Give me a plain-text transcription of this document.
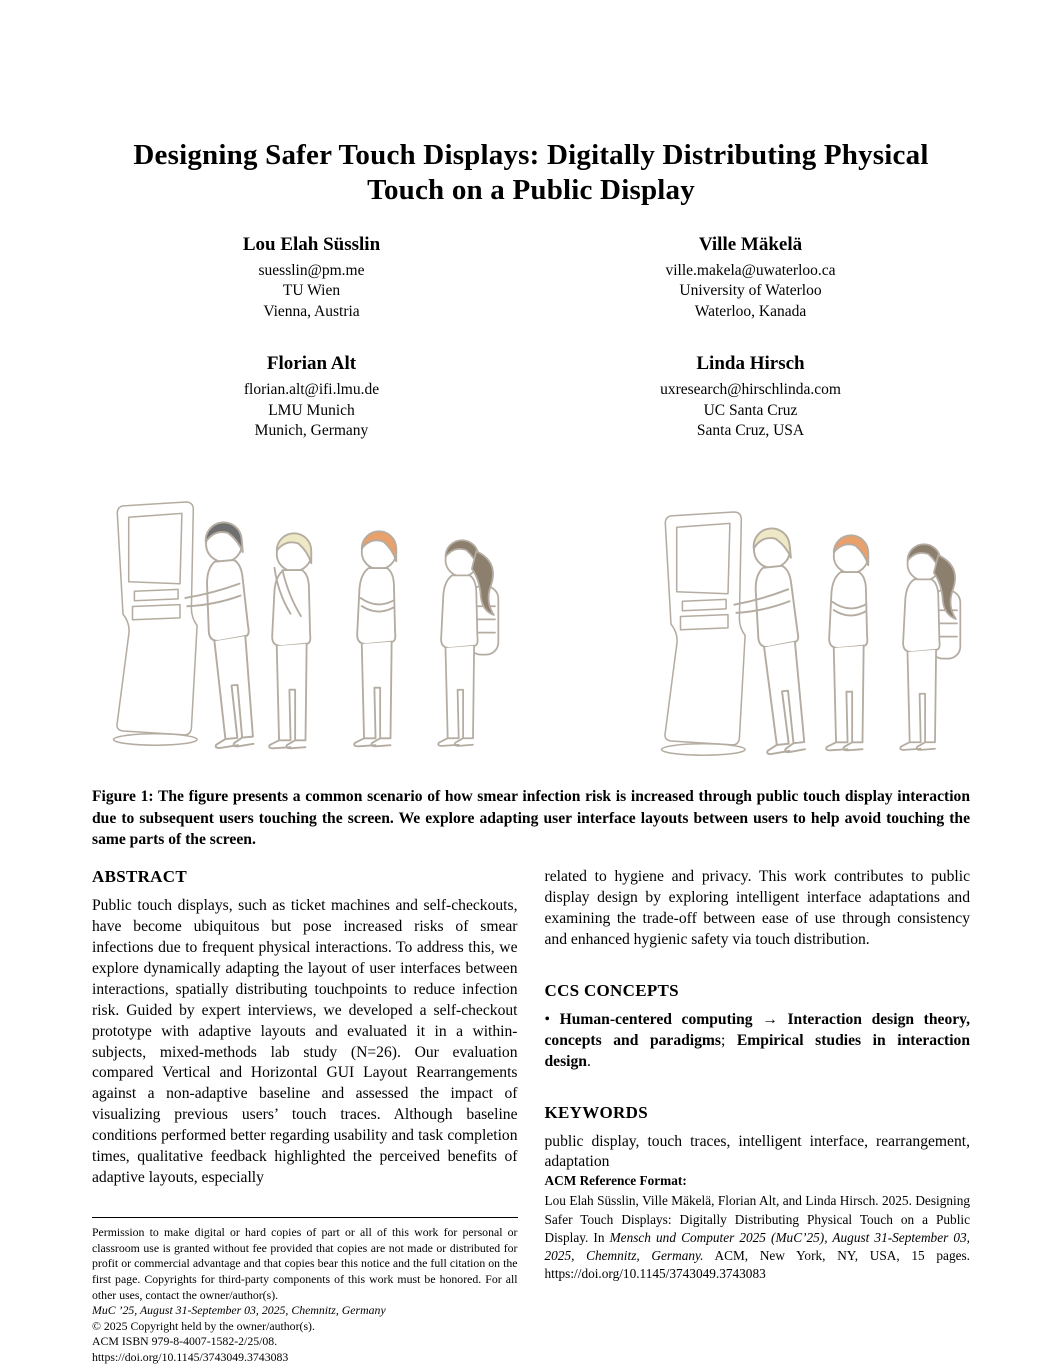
Designing Safer Touch Displays: Digitally Distributing Physical Touch on a Public Display
Lou Elah Süsslin
suesslin@pm.me
TU Wien
Vienna, Austria
Ville Mäkelä
ville.makela@uwaterloo.ca
University of Waterloo
Waterloo, Kanada
Florian Alt
florian.alt@ifi.lmu.de
LMU Munich
Munich, Germany
Linda Hirsch
uxresearch@hirschlinda.com
UC Santa Cruz
Santa Cruz, USA

Figure 1: The figure presents a common scenario of how smear infection risk is increased through public touch display interaction due to subsequent users touching the screen. We explore adapting user interface layouts between users to help avoid touching the same parts of the screen.

ABSTRACT

Public touch displays, such as ticket machines and self-checkouts, have become ubiquitous but pose increased risks of smear infections due to frequent physical interactions. To address this, we explore dynamically adapting the layout of user interfaces between interactions, spatially distributing touchpoints to reduce infection risk. Guided by expert interviews, we developed a self-checkout prototype with adaptive layouts and evaluated it in a within-subjects, mixed-methods lab study (N=26). Our evaluation compared Vertical and Horizontal GUI Layout Rearrangements against a non-adaptive baseline and assessed the impact of visualizing previous users’ touch traces. Although baseline conditions performed better regarding usability and task completion times, qualitative feedback highlighted the perceived benefits of adaptive layouts, especially

Permission to make digital or hard copies of part or all of this work for personal or classroom use is granted without fee provided that copies are not made or distributed for profit or commercial advantage and that copies bear this notice and the full citation on the first page. Copyrights for third-party components of this work must be honored. For all other uses, contact the owner/author(s).

MuC ’25, August 31-September 03, 2025, Chemnitz, Germany

© 2025 Copyright held by the owner/author(s).

ACM ISBN 979-8-4007-1582-2/25/08.

https://doi.org/10.1145/3743049.3743083

related to hygiene and privacy. This work contributes to public display design by exploring intelligent interface adaptations and examining the trade-off between ease of use through consistency and enhanced hygienic safety via touch distribution.

CCS CONCEPTS

• Human-centered computing → Interaction design theory, concepts and paradigms; Empirical studies in interaction design.

KEYWORDS

public display, touch traces, intelligent interface, rearrangement, adaptation

ACM Reference Format:

Lou Elah Süsslin, Ville Mäkelä, Florian Alt, and Linda Hirsch. 2025. Designing Safer Touch Displays: Digitally Distributing Physical Touch on a Public Display. In Mensch und Computer 2025 (MuC’25), August 31-September 03, 2025, Chemnitz, Germany. ACM, New York, NY, USA, 15 pages. https://doi.org/10.1145/3743049.3743083
